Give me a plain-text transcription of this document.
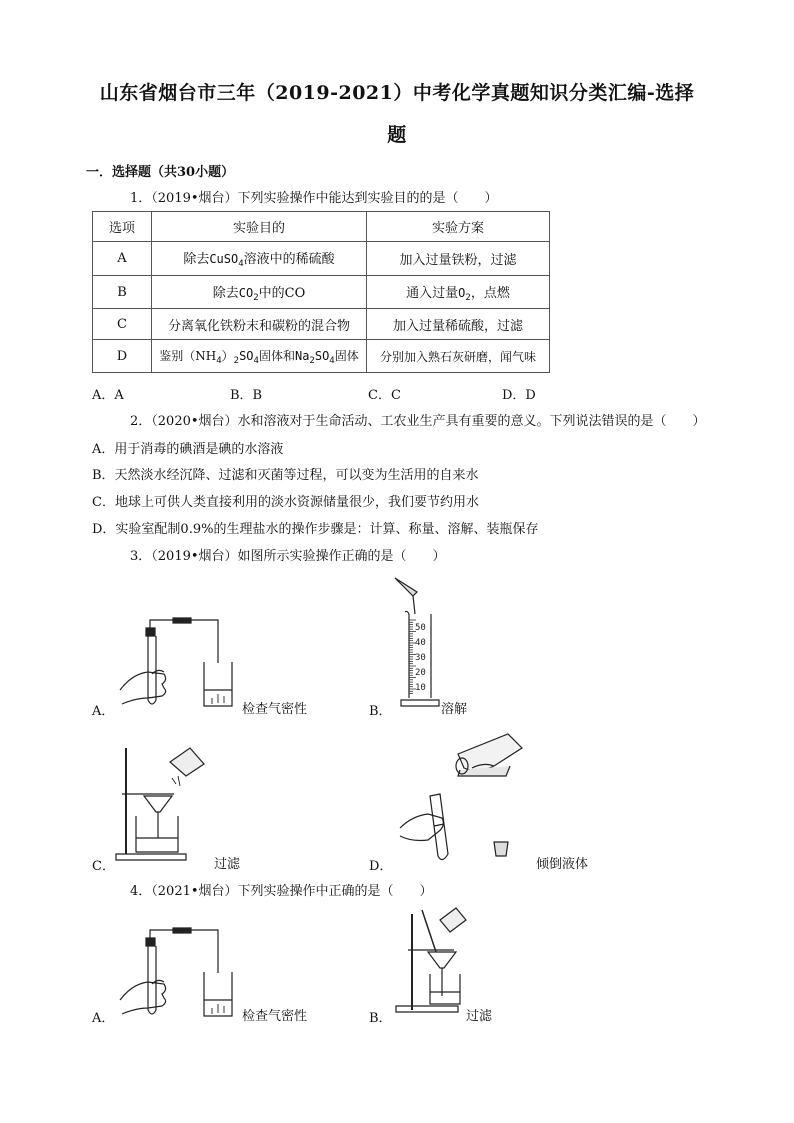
山东省烟台市三年（2019-2021）中考化学真题知识分类汇编-选择
题
一．选择题（共30小题）
1．（2019•烟台）下列实验操作中能达到实验目的的是（　　）
选项	实验目的	实验方案
A	除去CuSO$_4$溶液中的稀硫酸	加入过量铁粉，过滤
B	除去$CO_2$中的CO	通入过量$O_2$，点燃
C	分离氧化铁粉末和碳粉的混合物	加入过量稀硫酸，过滤
D	鉴别$(NH_4)_2SO_4$固体和$Na_2SO_4$固体	分别加入熟石灰研磨，闻气味
A．A	B．B	C．C	D．D
2．（2020•烟台）水和溶液对于生命活动、工农业生产具有重要的意义。下列说法错误的是（　　）
A．用于消毒的碘酒是碘的水溶液
B．天然淡水经沉降、过滤和灭菌等过程，可以变为生活用的自来水
C．地球上可供人类直接利用的淡水资源储量很少，我们要节约用水
D．实验室配制0.9%的生理盐水的操作步骤是：计算、称量、溶解、装瓶保存
3．（2019•烟台）如图所示实验操作正确的是（　　）
A．	检查气密性
50
40
30
20
10
B．	溶解
C．	过滤	D．	倾倒液体
4．（2021•烟台）下列实验操作中正确的是（　　）
A．	检查气密性	B．	过滤
